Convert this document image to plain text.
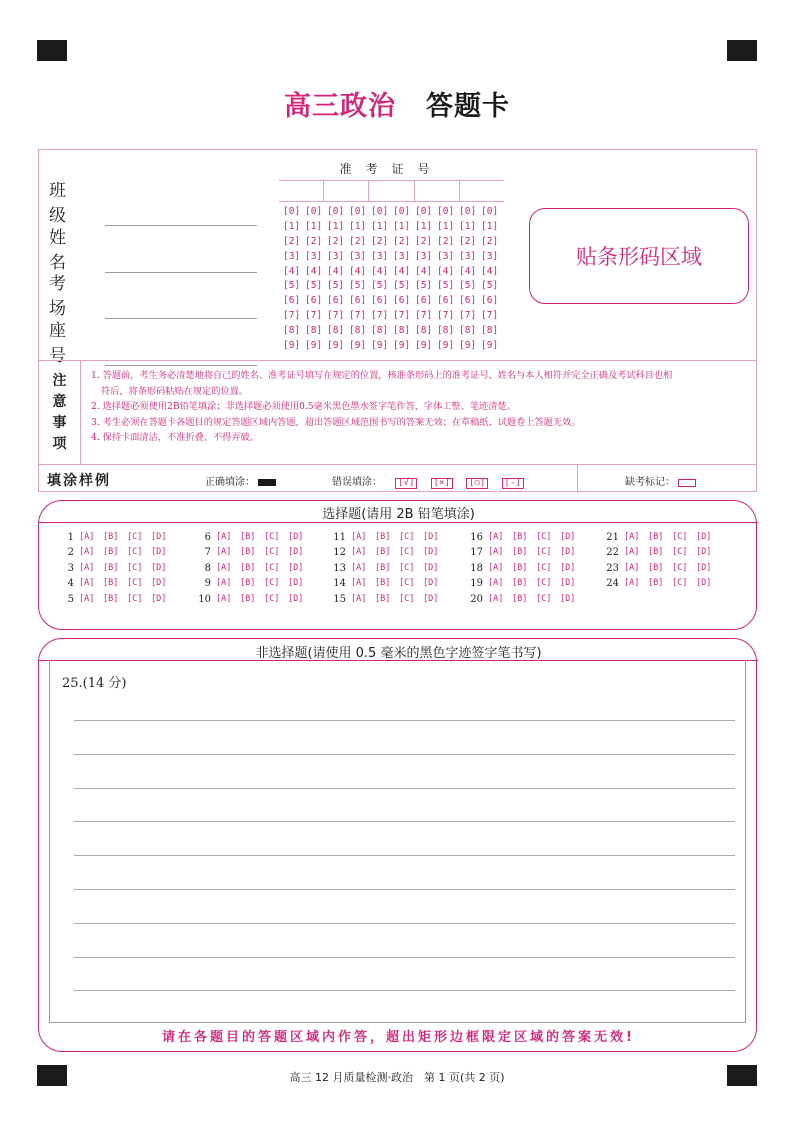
高三政治 答题卡
班级
姓名
考场
座号
准考证号
[0] [0] [0] [0] [0] [0] [0] [0] [0] [0]
[1] [1] [1] [1] [1] [1] [1] [1] [1] [1]
[2] [2] [2] [2] [2] [2] [2] [2] [2] [2]
[3] [3] [3] [3] [3] [3] [3] [3] [3] [3]
[4] [4] [4] [4] [4] [4] [4] [4] [4] [4]
[5] [5] [5] [5] [5] [5] [5] [5] [5] [5]
[6] [6] [6] [6] [6] [6] [6] [6] [6] [6]
[7] [7] [7] [7] [7] [7] [7] [7] [7] [7]
[8] [8] [8] [8] [8] [8] [8] [8] [8] [8]
[9] [9] [9] [9] [9] [9] [9] [9] [9] [9]
贴条形码区域
注
意
事
项
1. 答题前，考生务必清楚地将自己的姓名、准考证号填写在规定的位置，核准条形码上的准考证号、姓名与本人相符并完全正确及考试科目也相
符后，将条形码粘贴在规定的位置。
2. 选择题必须使用2B铅笔填涂；非选择题必须使用0.5毫米黑色墨水签字笔作答，字体工整、笔迹清楚。
3. 考生必须在答题卡各题目的规定答题区域内答题，超出答题区域范围书写的答案无效；在草稿纸、试题卷上答题无效。
4. 保持卡面清洁，不准折叠、不得弄破。
填涂样例	正确填涂：	错误填涂： [√] [×] [○] [-]	缺考标记：
选择题(请用 2B 铅笔填涂)
1 [A]	[B]	[C]	[D]
2 [A]	[B]	[C]	[D]
3 [A]	[B]	[C]	[D]
4 [A]	[B]	[C]	[D]
5 [A]	[B]	[C]	[D]
6 [A]	[B]	[C]	[D]
7 [A]	[B]	[C]	[D]
8 [A]	[B]	[C]	[D]
9 [A]	[B]	[C]	[D]
10 [A]	[B]	[C]	[D]
11 [A]	[B]	[C]	[D]
12 [A]	[B]	[C]	[D]
13 [A]	[B]	[C]	[D]
14 [A]	[B]	[C]	[D]
15 [A]	[B]	[C]	[D]
16 [A]	[B]	[C]	[D]
17 [A]	[B]	[C]	[D]
18 [A]	[B]	[C]	[D]
19 [A]	[B]	[C]	[D]
20 [A]	[B]	[C]	[D]
21 [A]	[B]	[C]	[D]
22 [A]	[B]	[C]	[D]
23 [A]	[B]	[C]	[D]
24 [A]	[B]	[C]	[D]
非选择题(请使用 0.5 毫米的黑色字迹签字笔书写)
25.(14 分)
请在各题目的答题区域内作答，超出矩形边框限定区域的答案无效!
高三 12 月质量检测·政治　第 1 页(共 2 页)
